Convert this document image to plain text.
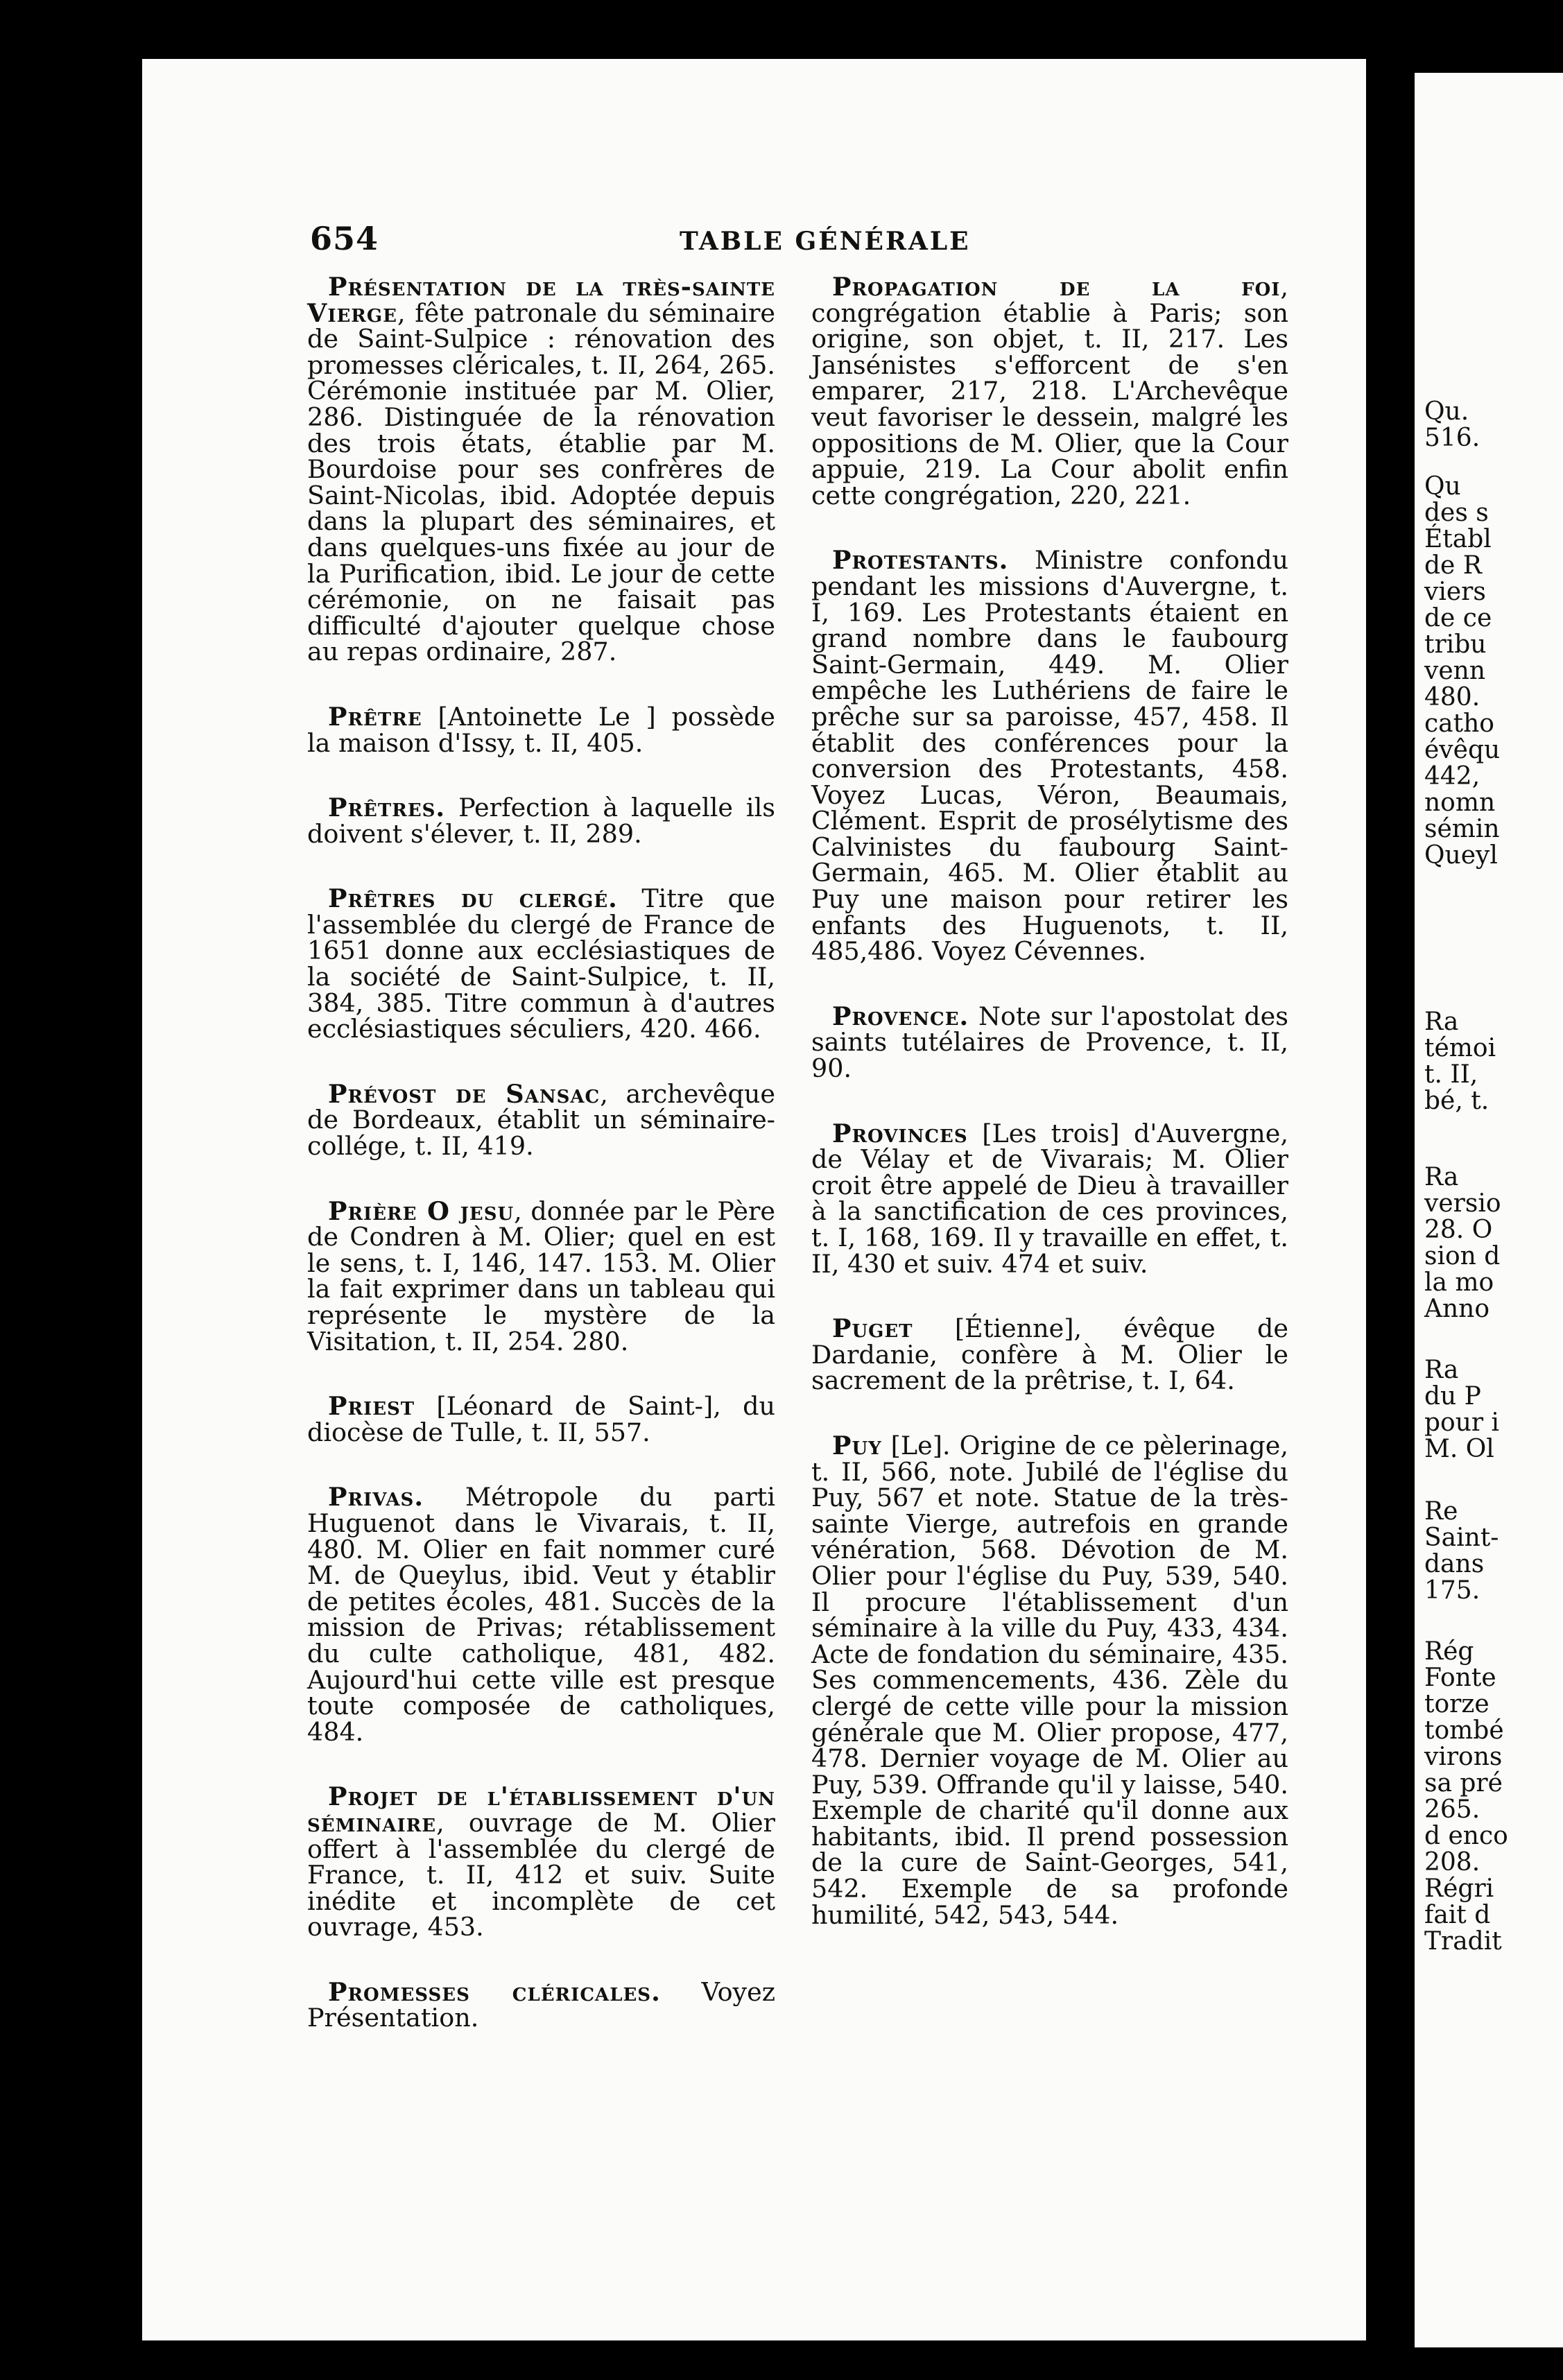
654	TABLE GÉNÉRALE

Présentation de la très-sainte Vierge, fête patronale du séminaire de Saint-Sulpice : rénovation des promesses cléricales, t. II, 264, 265. Cérémonie instituée par M. Olier, 286. Distinguée de la rénovation des trois états, établie par M. Bourdoise pour ses confrères de Saint-Nicolas, ibid. Adoptée depuis dans la plupart des séminaires, et dans quelques-uns fixée au jour de la Purification, ibid. Le jour de cette cérémonie, on ne faisait pas difficulté d'ajouter quelque chose au repas ordinaire, 287.

Prêtre [Antoinette Le ] possède la maison d'Issy, t. II, 405.

Prêtres. Perfection à laquelle ils doivent s'élever, t. II, 289.

Prêtres du clergé. Titre que l'assemblée du clergé de France de 1651 donne aux ecclésiastiques de la société de Saint-Sulpice, t. II, 384, 385. Titre commun à d'autres ecclésiastiques séculiers, 420. 466.

Prévost de Sansac, archevêque de Bordeaux, établit un séminaire-collége, t. II, 419.

Prière O jesu, donnée par le Père de Condren à M. Olier; quel en est le sens, t. I, 146, 147. 153. M. Olier la fait exprimer dans un tableau qui représente le mystère de la Visitation, t. II, 254. 280.

Priest [Léonard de Saint-], du diocèse de Tulle, t. II, 557.

Privas. Métropole du parti Huguenot dans le Vivarais, t. II, 480. M. Olier en fait nommer curé M. de Queylus, ibid. Veut y établir de petites écoles, 481. Succès de la mission de Privas; rétablissement du culte catholique, 481, 482. Aujourd'hui cette ville est presque toute composée de catholiques, 484.

Projet de l'établissement d'un séminaire, ouvrage de M. Olier offert à l'assemblée du clergé de France, t. II, 412 et suiv. Suite inédite et incomplète de cet ouvrage, 453.

Promesses cléricales. Voyez Présentation.

Propagation de la foi, congrégation établie à Paris; son origine, son objet, t. II, 217. Les Jansénistes s'efforcent de s'en emparer, 217, 218. L'Archevêque veut favoriser le dessein, malgré les oppositions de M. Olier, que la Cour appuie, 219. La Cour abolit enfin cette congrégation, 220, 221.

Protestants. Ministre confondu pendant les missions d'Auvergne, t. I, 169. Les Protestants étaient en grand nombre dans le faubourg Saint-Germain, 449. M. Olier empêche les Luthériens de faire le prêche sur sa paroisse, 457, 458. Il établit des conférences pour la conversion des Protestants, 458. Voyez Lucas, Véron, Beaumais, Clément. Esprit de prosélytisme des Calvinistes du faubourg Saint-Germain, 465. M. Olier établit au Puy une maison pour retirer les enfants des Huguenots, t. II, 485,486. Voyez Cévennes.

Provence. Note sur l'apostolat des saints tutélaires de Provence, t. II, 90.

Provinces [Les trois] d'Auvergne, de Vélay et de Vivarais; M. Olier croit être appelé de Dieu à travailler à la sanctification de ces provinces, t. I, 168, 169. Il y travaille en effet, t. II, 430 et suiv. 474 et suiv.

Puget [Étienne], évêque de Dardanie, confère à M. Olier le sacrement de la prêtrise, t. I, 64.

Puy [Le]. Origine de ce pèlerinage, t. II, 566, note. Jubilé de l'église du Puy, 567 et note. Statue de la très-sainte Vierge, autrefois en grande vénération, 568. Dévotion de M. Olier pour l'église du Puy, 539, 540. Il procure l'établissement d'un séminaire à la ville du Puy, 433, 434. Acte de fondation du séminaire, 435. Ses commencements, 436. Zèle du clergé de cette ville pour la mission générale que M. Olier propose, 477, 478. Dernier voyage de M. Olier au Puy, 539. Offrande qu'il y laisse, 540. Exemple de charité qu'il donne aux habitants, ibid. Il prend possession de la cure de Saint-Georges, 541, 542. Exemple de sa profonde humilité, 542, 543, 544.

Qu.
516.
Qu
des s
Établ
de R
viers
de ce
tribu
venn
480.
catho
évêqu
442,
nomn
sémin
Queyl
Ra
témoi
t. II,
bé, t.
Ra
versio
28. O
sion d
la mo
Anno
Ra
du P
pour i
M. Ol
Re
Saint-
dans
175.
Rég
Fonte
torze
tombé
virons
sa pré
265.
d enco
208.
Régri
fait d
Tradit
